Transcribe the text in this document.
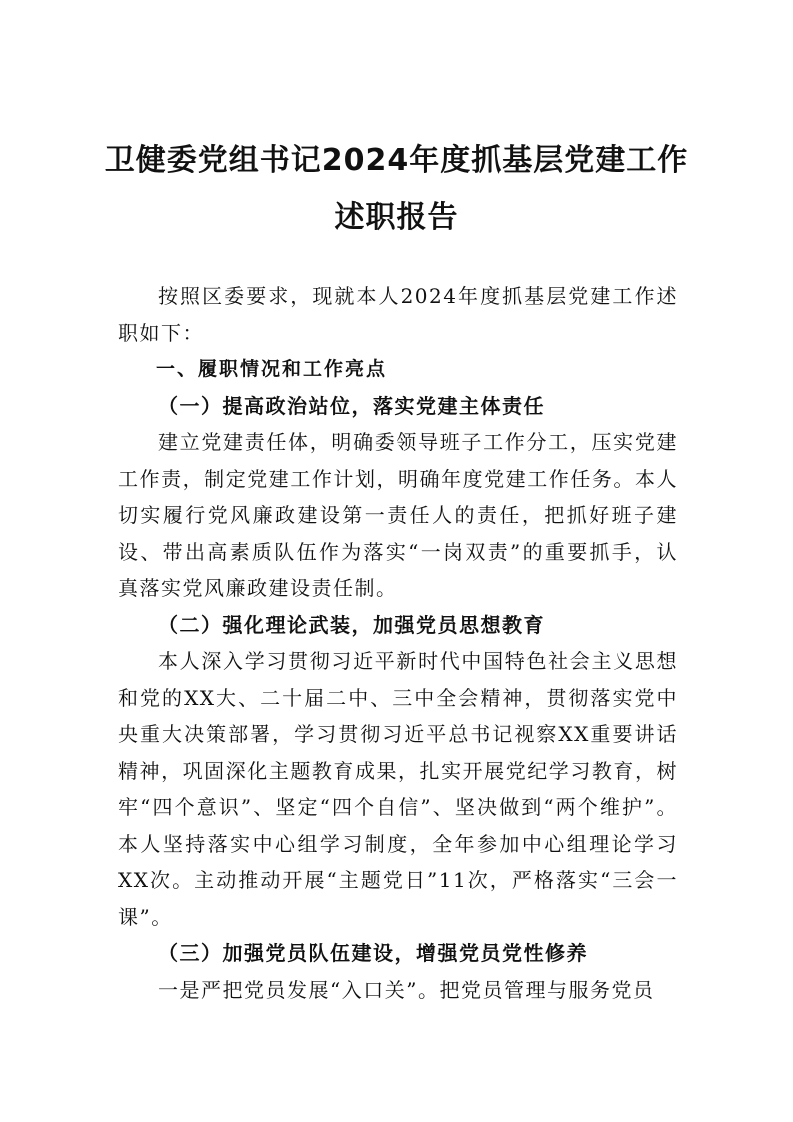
卫健委党组书记2024年度抓基层党建工作
述职报告

按照区委要求，现就本人2024年度抓基层党建工作述职如下：

一、履职情况和工作亮点

（一）提高政治站位，落实党建主体责任

建立党建责任体，明确委领导班子工作分工，压实党建工作责，制定党建工作计划，明确年度党建工作任务。本人切实履行党风廉政建设第一责任人的责任，把抓好班子建设、带出高素质队伍作为落实“一岗双责”的重要抓手，认真落实党风廉政建设责任制。

（二）强化理论武装，加强党员思想教育

本人深入学习贯彻习近平新时代中国特色社会主义思想和党的XX大、二十届二中、三中全会精神，贯彻落实党中央重大决策部署，学习贯彻习近平总书记视察XX重要讲话精神，巩固深化主题教育成果，扎实开展党纪学习教育，树牢“四个意识”、坚定“四个自信”、坚决做到“两个维护”。本人坚持落实中心组学习制度，全年参加中心组理论学习XX次。主动推动开展“主题党日”11次，严格落实“三会一课”。

（三）加强党员队伍建设，增强党员党性修养

一是严把党员发展“入口关”。把党员管理与服务党员
